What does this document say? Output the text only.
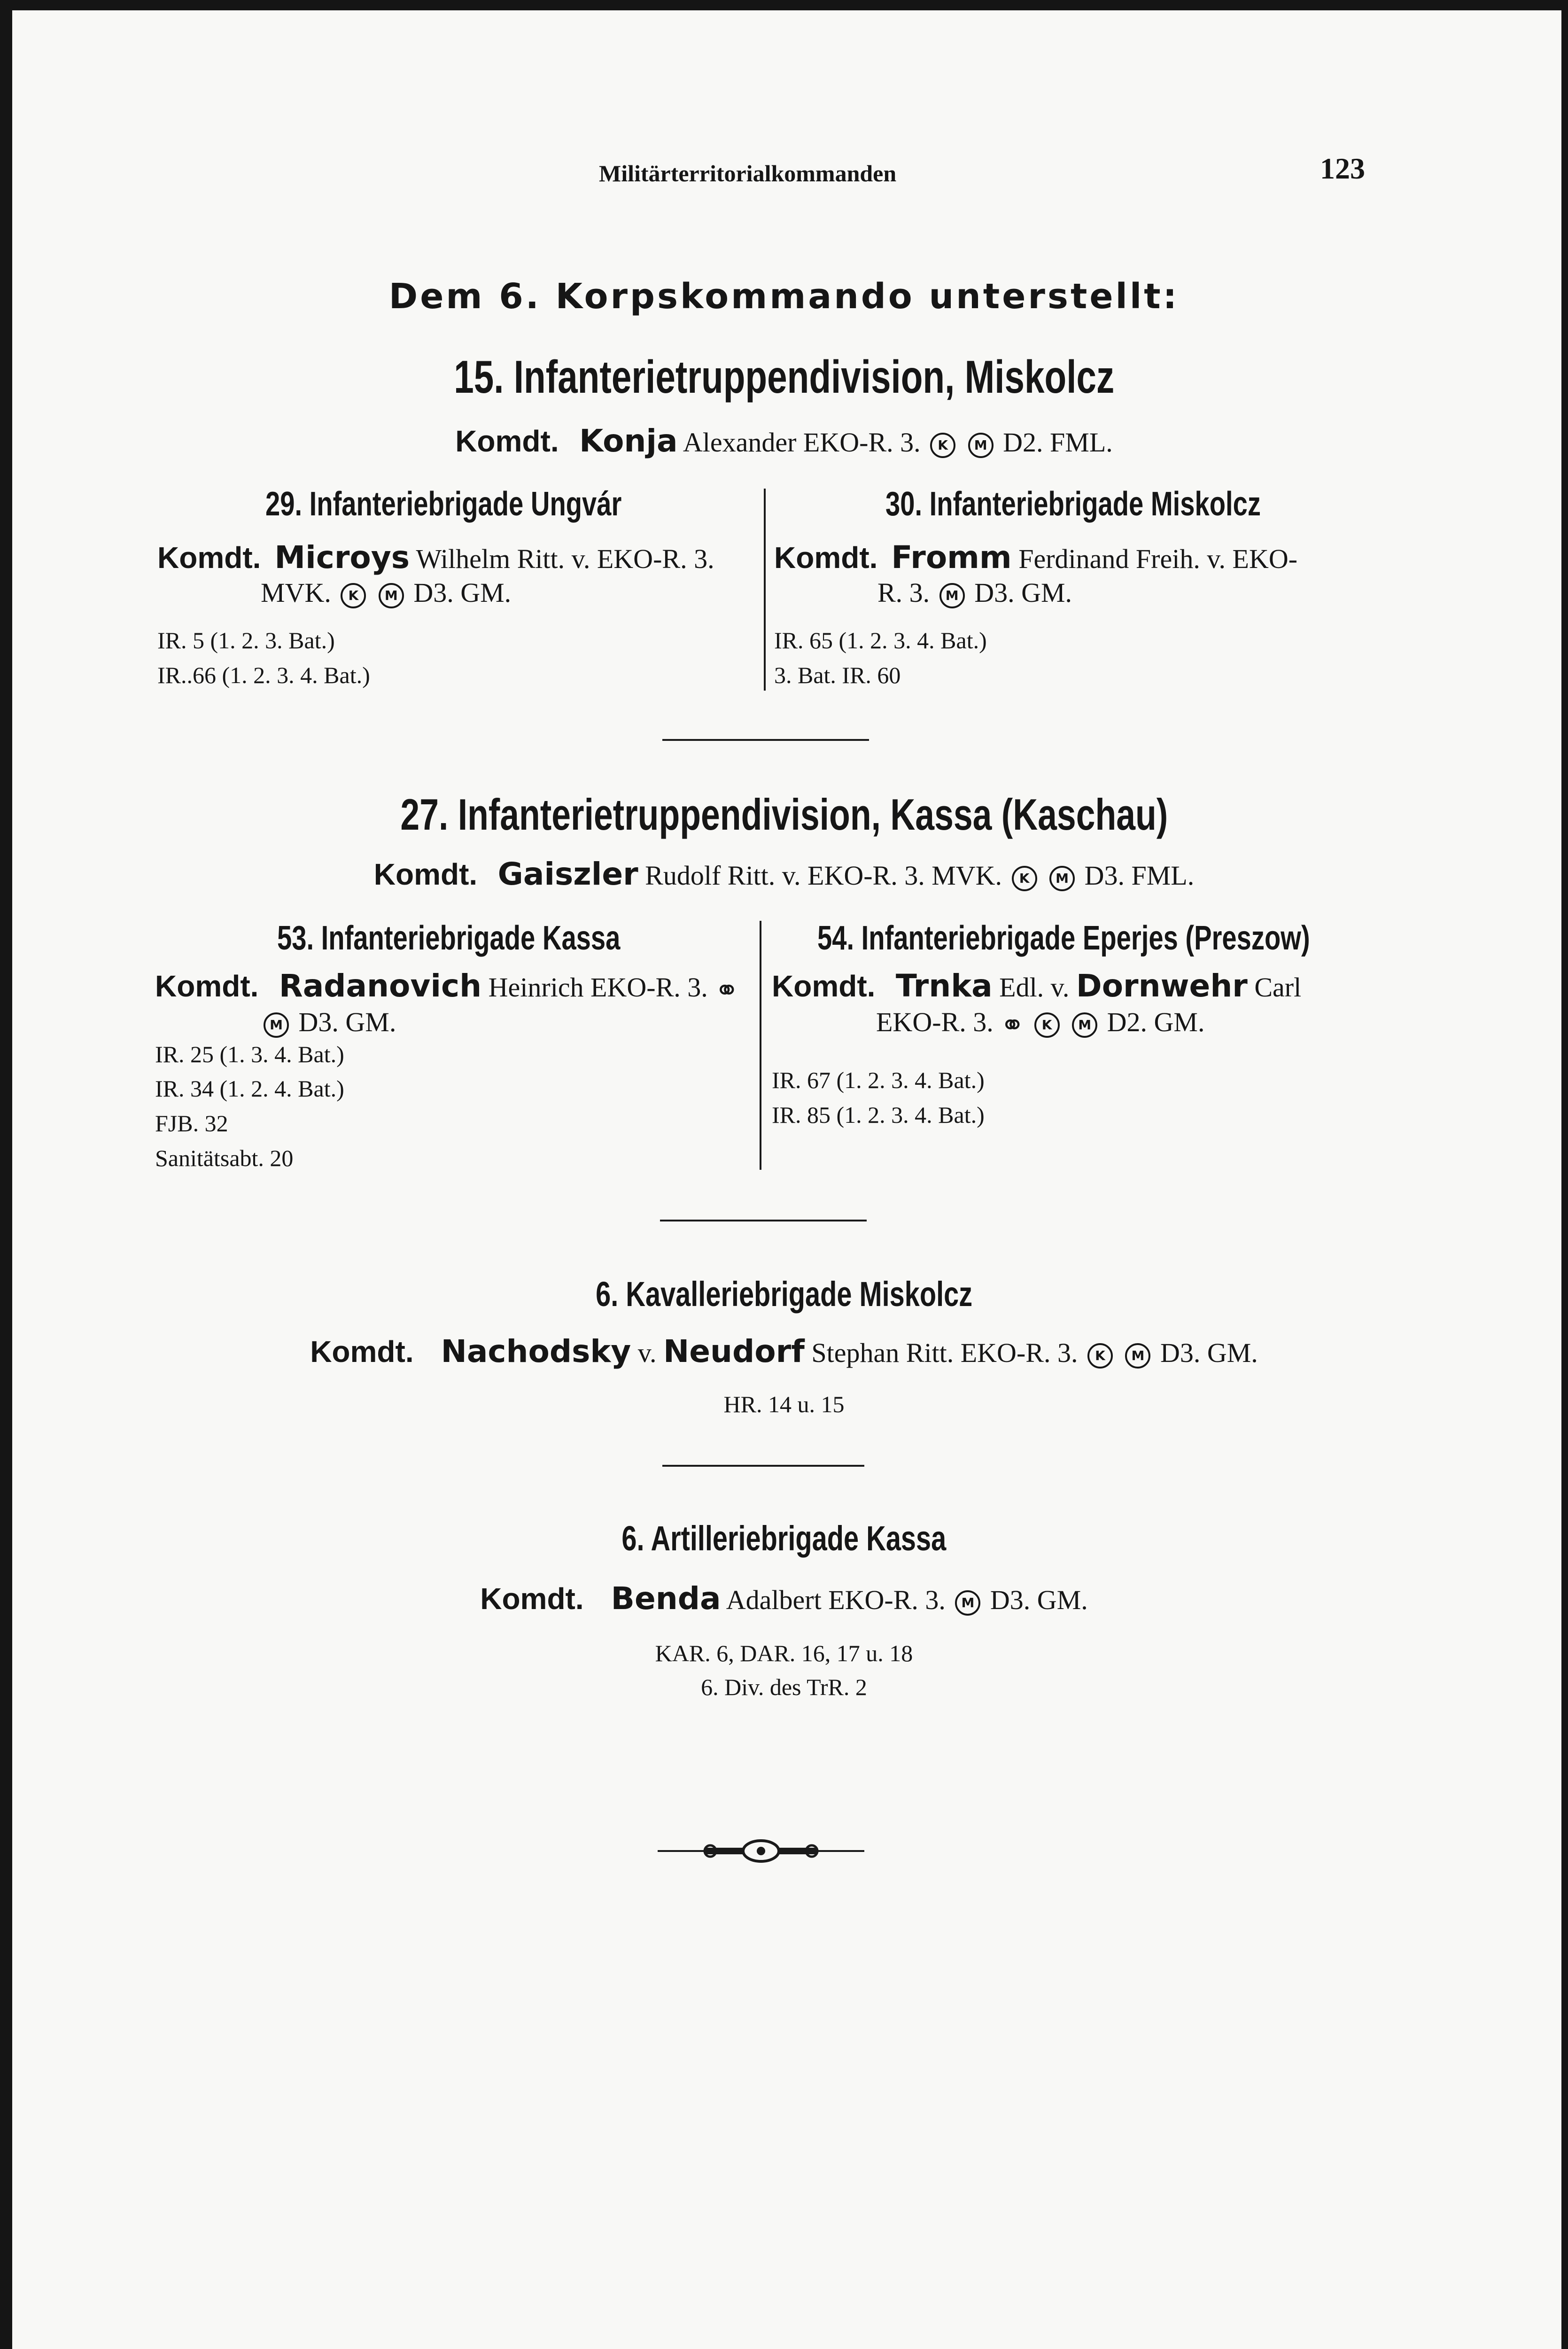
Militärterritorialkommanden	123
Dem 6. Korpskommando unterstellt:
15. Infanterietruppendivision, Miskolcz
Komdt. Konja Alexander EKO-R. 3. K M D2. FML.
29. Infanteriebrigade Ungvár
Komdt. Microys Wilhelm Ritt. v. EKO-R. 3.
MVK. K M D3. GM.
IR. 5 (1. 2. 3. Bat.)
IR..66 (1. 2. 3. 4. Bat.)
30. Infanteriebrigade Miskolcz
Komdt. Fromm Ferdinand Freih. v. EKO-
R. 3. M D3. GM.
IR. 65 (1. 2. 3. 4. Bat.)
3. Bat. IR. 60
27. Infanterietruppendivision, Kassa (Kaschau)
Komdt. Gaiszler Rudolf Ritt. v. EKO-R. 3. MVK. K M D3. FML.
53. Infanteriebrigade Kassa
Komdt. Radanovich Heinrich EKO-R. 3. ⚭
M D3. GM.
IR. 25 (1. 3. 4. Bat.)
IR. 34 (1. 2. 4. Bat.)
FJB. 32
Sanitätsabt. 20
54. Infanteriebrigade Eperjes (Preszow)
Komdt. Trnka Edl. v. Dornwehr Carl
EKO-R. 3. ⚭ K M D2. GM.
IR. 67 (1. 2. 3. 4. Bat.)
IR. 85 (1. 2. 3. 4. Bat.)
6. Kavalleriebrigade Miskolcz
Komdt. Nachodsky v. Neudorf Stephan Ritt. EKO-R. 3. K M D3. GM.
HR. 14 u. 15
6. Artilleriebrigade Kassa
Komdt. Benda Adalbert EKO-R. 3. M D3. GM.
KAR. 6, DAR. 16, 17 u. 18
6. Div. des TrR. 2
